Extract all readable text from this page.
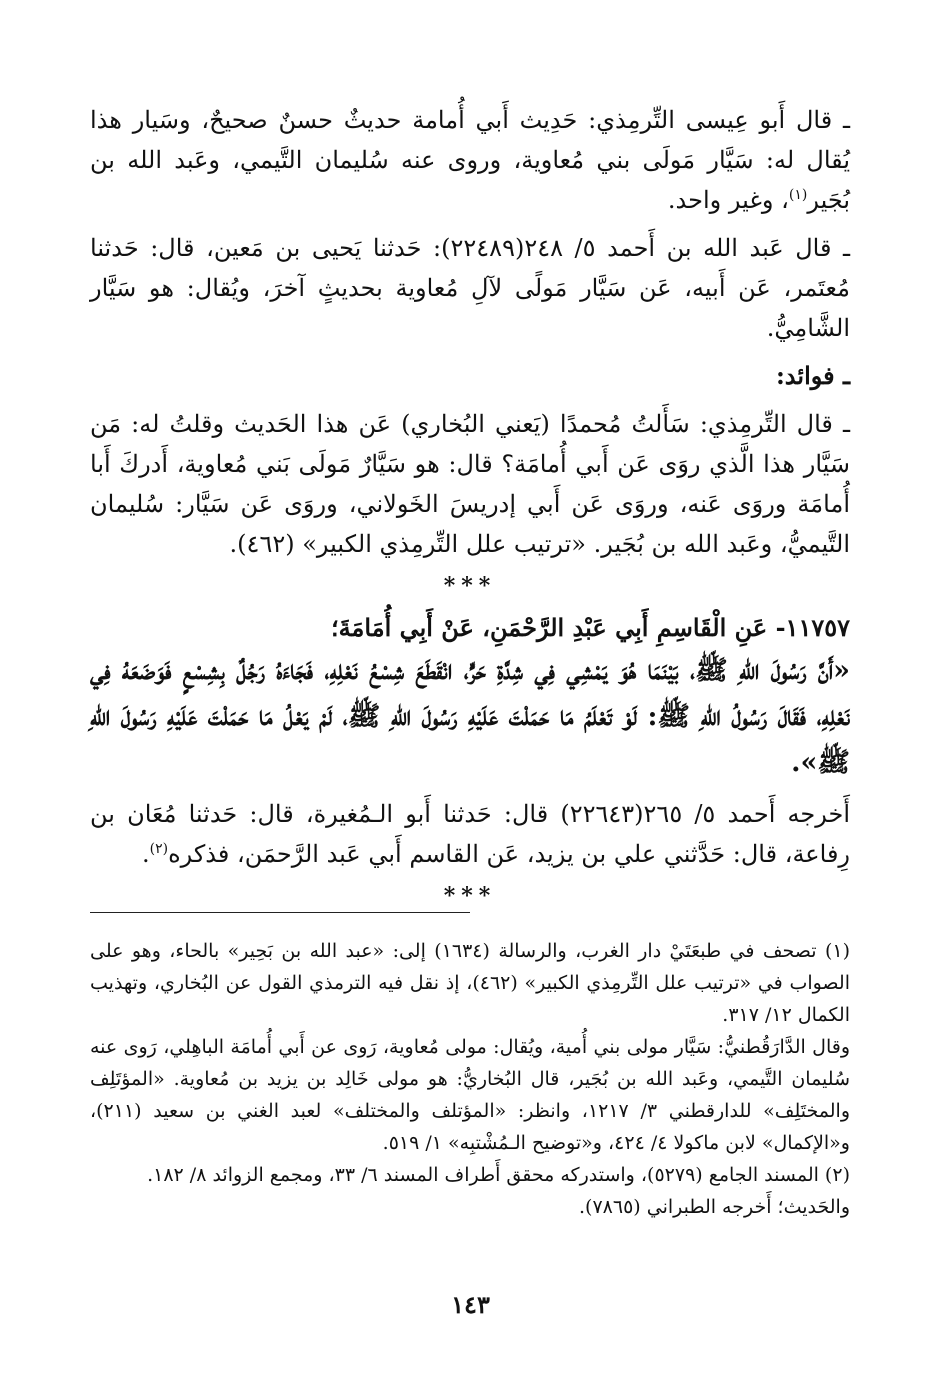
ـ قال أَبو عِيسى التِّرمِذي: حَدِيث أَبي أُمامة حديثٌ حسنٌ صحيحٌ، وسَيار هذا يُقال له: سَيَّار مَولَى بني مُعاوية، وروى عنه سُليمان التَّيمي، وعَبد الله بن بُجَير$^{(١)}$، وغير واحد.

ـ قال عَبد الله بن أَحمد ٥/ ٢٤٨(٢٢٤٨٩): حَدثنا يَحيى بن مَعين، قال: حَدثنا مُعتَمر، عَن أَبيه، عَن سَيَّار مَولًى لآلِ مُعاوية بحديثٍ آخرَ، ويُقال: هو سَيَّار الشَّامِيُّ.

ـ فوائد:

ـ قال التِّرمِذي: سَأَلتُ مُحمدًا (يَعني البُخاري) عَن هذا الحَديث وقلتُ له: مَن سَيَّار هذا الَّذي روَى عَن أَبي أُمامَة؟ قال: هو سَيَّارٌ مَولَى بَني مُعاوية، أَدركَ أَبا أُمامَة وروَى عَنه، وروَى عَن أَبي إدريسَ الخَولاني، وروَى عَن سَيَّار: سُليمان التَّيميُّ، وعَبد الله بن بُجَير. «ترتيب علل التِّرمِذي الكبير» (٤٦٢).

***

١١٧٥٧- عَنِ الْقَاسِمِ أَبِي عَبْدِ الرَّحْمَنِ، عَنْ أَبِي أُمَامَةَ؛

«أَنَّ رَسُولَ اللهِ ﷺ، بَيْنَمَا هُوَ يَمْشِي فِي شِدَّةِ حَرٍّ، انْقَطَعَ شِسْعُ نَعْلِهِ، فَجَاءَهُ رَجُلٌ بِشِسْعٍ فَوَضَعَهُ فِي نَعْلِهِ، فَقَالَ رَسُولُ اللهِ ﷺ: لَوْ تَعْلَمُ مَا حَمَلْتَ عَلَيْهِ رَسُولَ اللهِ ﷺ، لَمْ يَعْلُ مَا حَمَلْتَ عَلَيْهِ رَسُولَ اللهِ ﷺ».

أَخرجه أَحمد ٥/ ٢٦٥(٢٢٦٤٣) قال: حَدثنا أَبو الـمُغيرة، قال: حَدثنا مُعَان بن رِفاعة، قال: حَدَّثني علي بن يزيد، عَن القاسم أَبي عَبد الرَّحمَن، فذكره$^{(٢)}$.

***

(١) تصحف في طبعَتَيْ دار الغرب، والرسالة (١٦٣٤) إلى: «عبد الله بن بَحِير» بالحاء، وهو على الصواب في «ترتيب علل التِّرمِذي الكبير» (٤٦٢)، إذ نقل فيه الترمذي القول عن البُخاري، وتهذيب الكمال ١٢/ ٣١٧.

وقال الدَّارَقُطنيُّ: سَيَّار مولى بني أُمية، ويُقال: مولى مُعاوية، رَوى عن أَبي أُمامَة الباهِلي، رَوى عنه سُليمان التَّيمي، وعَبد الله بن بُجَير، قال البُخاريُّ: هو مولى خَالِد بن يزيد بن مُعاوية. «المؤتَلِف والمختَلِف» للدارقطني ٣/ ١٢١٧، وانظر: «المؤتلف والمختلف» لعبد الغني بن سعيد (٢١١)، و«الإكمال» لابن ماكولا ٤/ ٤٢٤، و«توضيح الـمُشْتبِه» ١/ ٥١٩.

(٢) المسند الجامع (٥٢٧٩)، واستدركه محقق أَطراف المسند ٦/ ٣٣، ومجمع الزوائد ٨/ ١٨٢.

والحَديث؛ أَخرجه الطبراني (٧٨٦٥).

١٤٣
